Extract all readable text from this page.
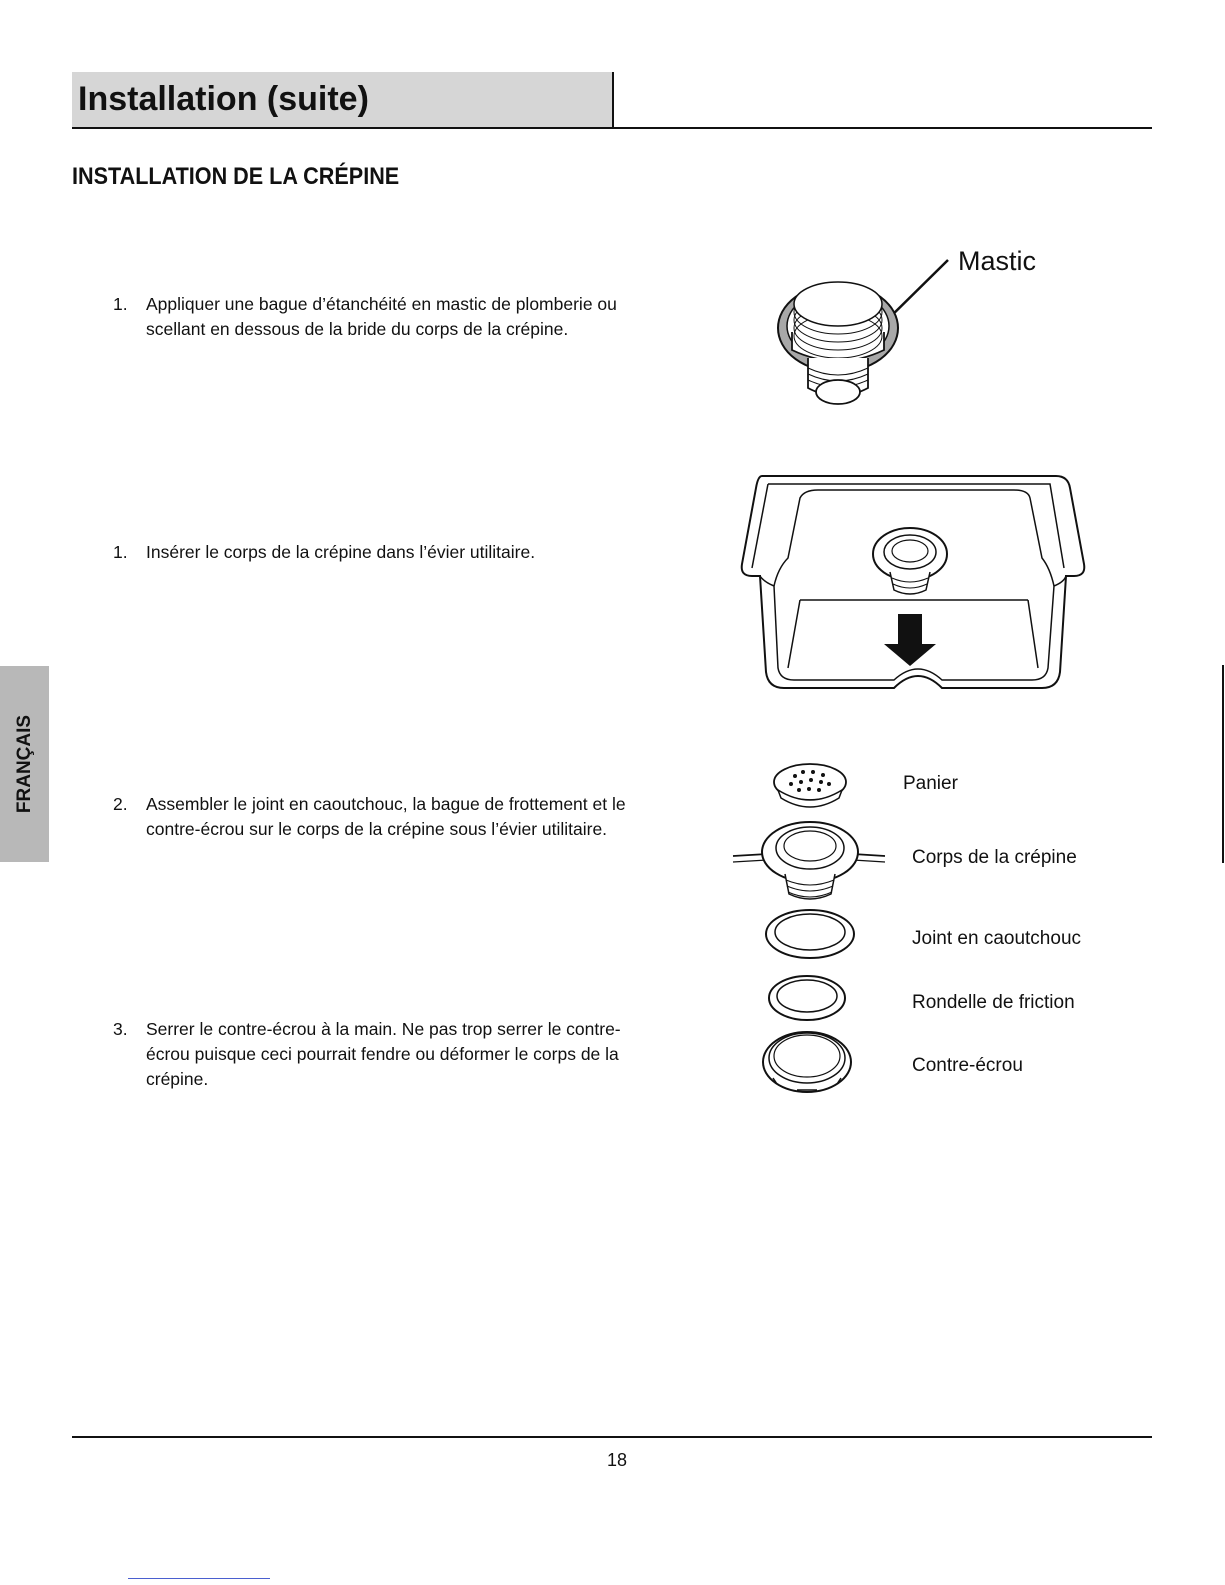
Installation (suite)
INSTALLATION DE LA CRÉPINE
FRANÇAIS
1. Appliquer une bague d’étanchéité en mastic de plomberie ou scellant en dessous de la bride du corps de la crépine.
1. Insérer le corps de la crépine dans l’évier utilitaire.
2. Assembler le joint en caoutchouc, la bague de frottement et le contre-écrou sur le corps de la crépine sous l’évier utilitaire.
3. Serrer le contre-écrou à la main. Ne pas trop serrer le contre-écrou puisque ceci pourrait fendre ou déformer le corps de la crépine.
Mastic
Panier
Corps de la crépine
Joint en caoutchouc
Rondelle de friction
Contre-écrou
18
